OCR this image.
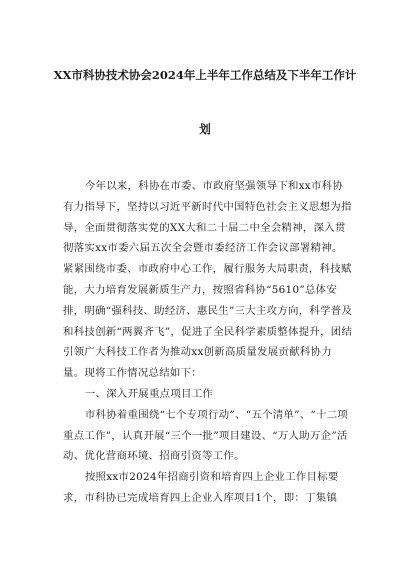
XX市科协技术协会2024年上半年工作总结及下半年工作计
划

今年以来，科协在市委、市政府坚强领导下和xx市科协有力指导下，坚持以习近平新时代中国特色社会主义思想为指导，全面贯彻落实党的XX大和二十届二中全会精神，深入贯彻落实xx市委六届五次全会暨市委经济工作会议部署精神。紧紧围绕市委、市政府中心工作，履行服务大局职责，科技赋能，大力培育发展新质生产力，按照省科协“5610”总体安排，明确“强科技、助经济、惠民生”三大主攻方向，科学普及和科技创新“两翼齐飞”，促进了全民科学素质整体提升，团结引领广大科技工作者为推动xx创新高质量发展贡献科协力量。现将工作情况总结如下：

一、深入开展重点项目工作

市科协着重围绕“七个专项行动”、“五个清单”、“十二项重点工作”，认真开展“三个一批”项目建设、“万人助万企”活动、优化营商环境、招商引资等工作。

按照xx市2024年招商引资和培育四上企业工作目标要求，市科协已完成培育四上企业入库项目1个，即：丁集镇
